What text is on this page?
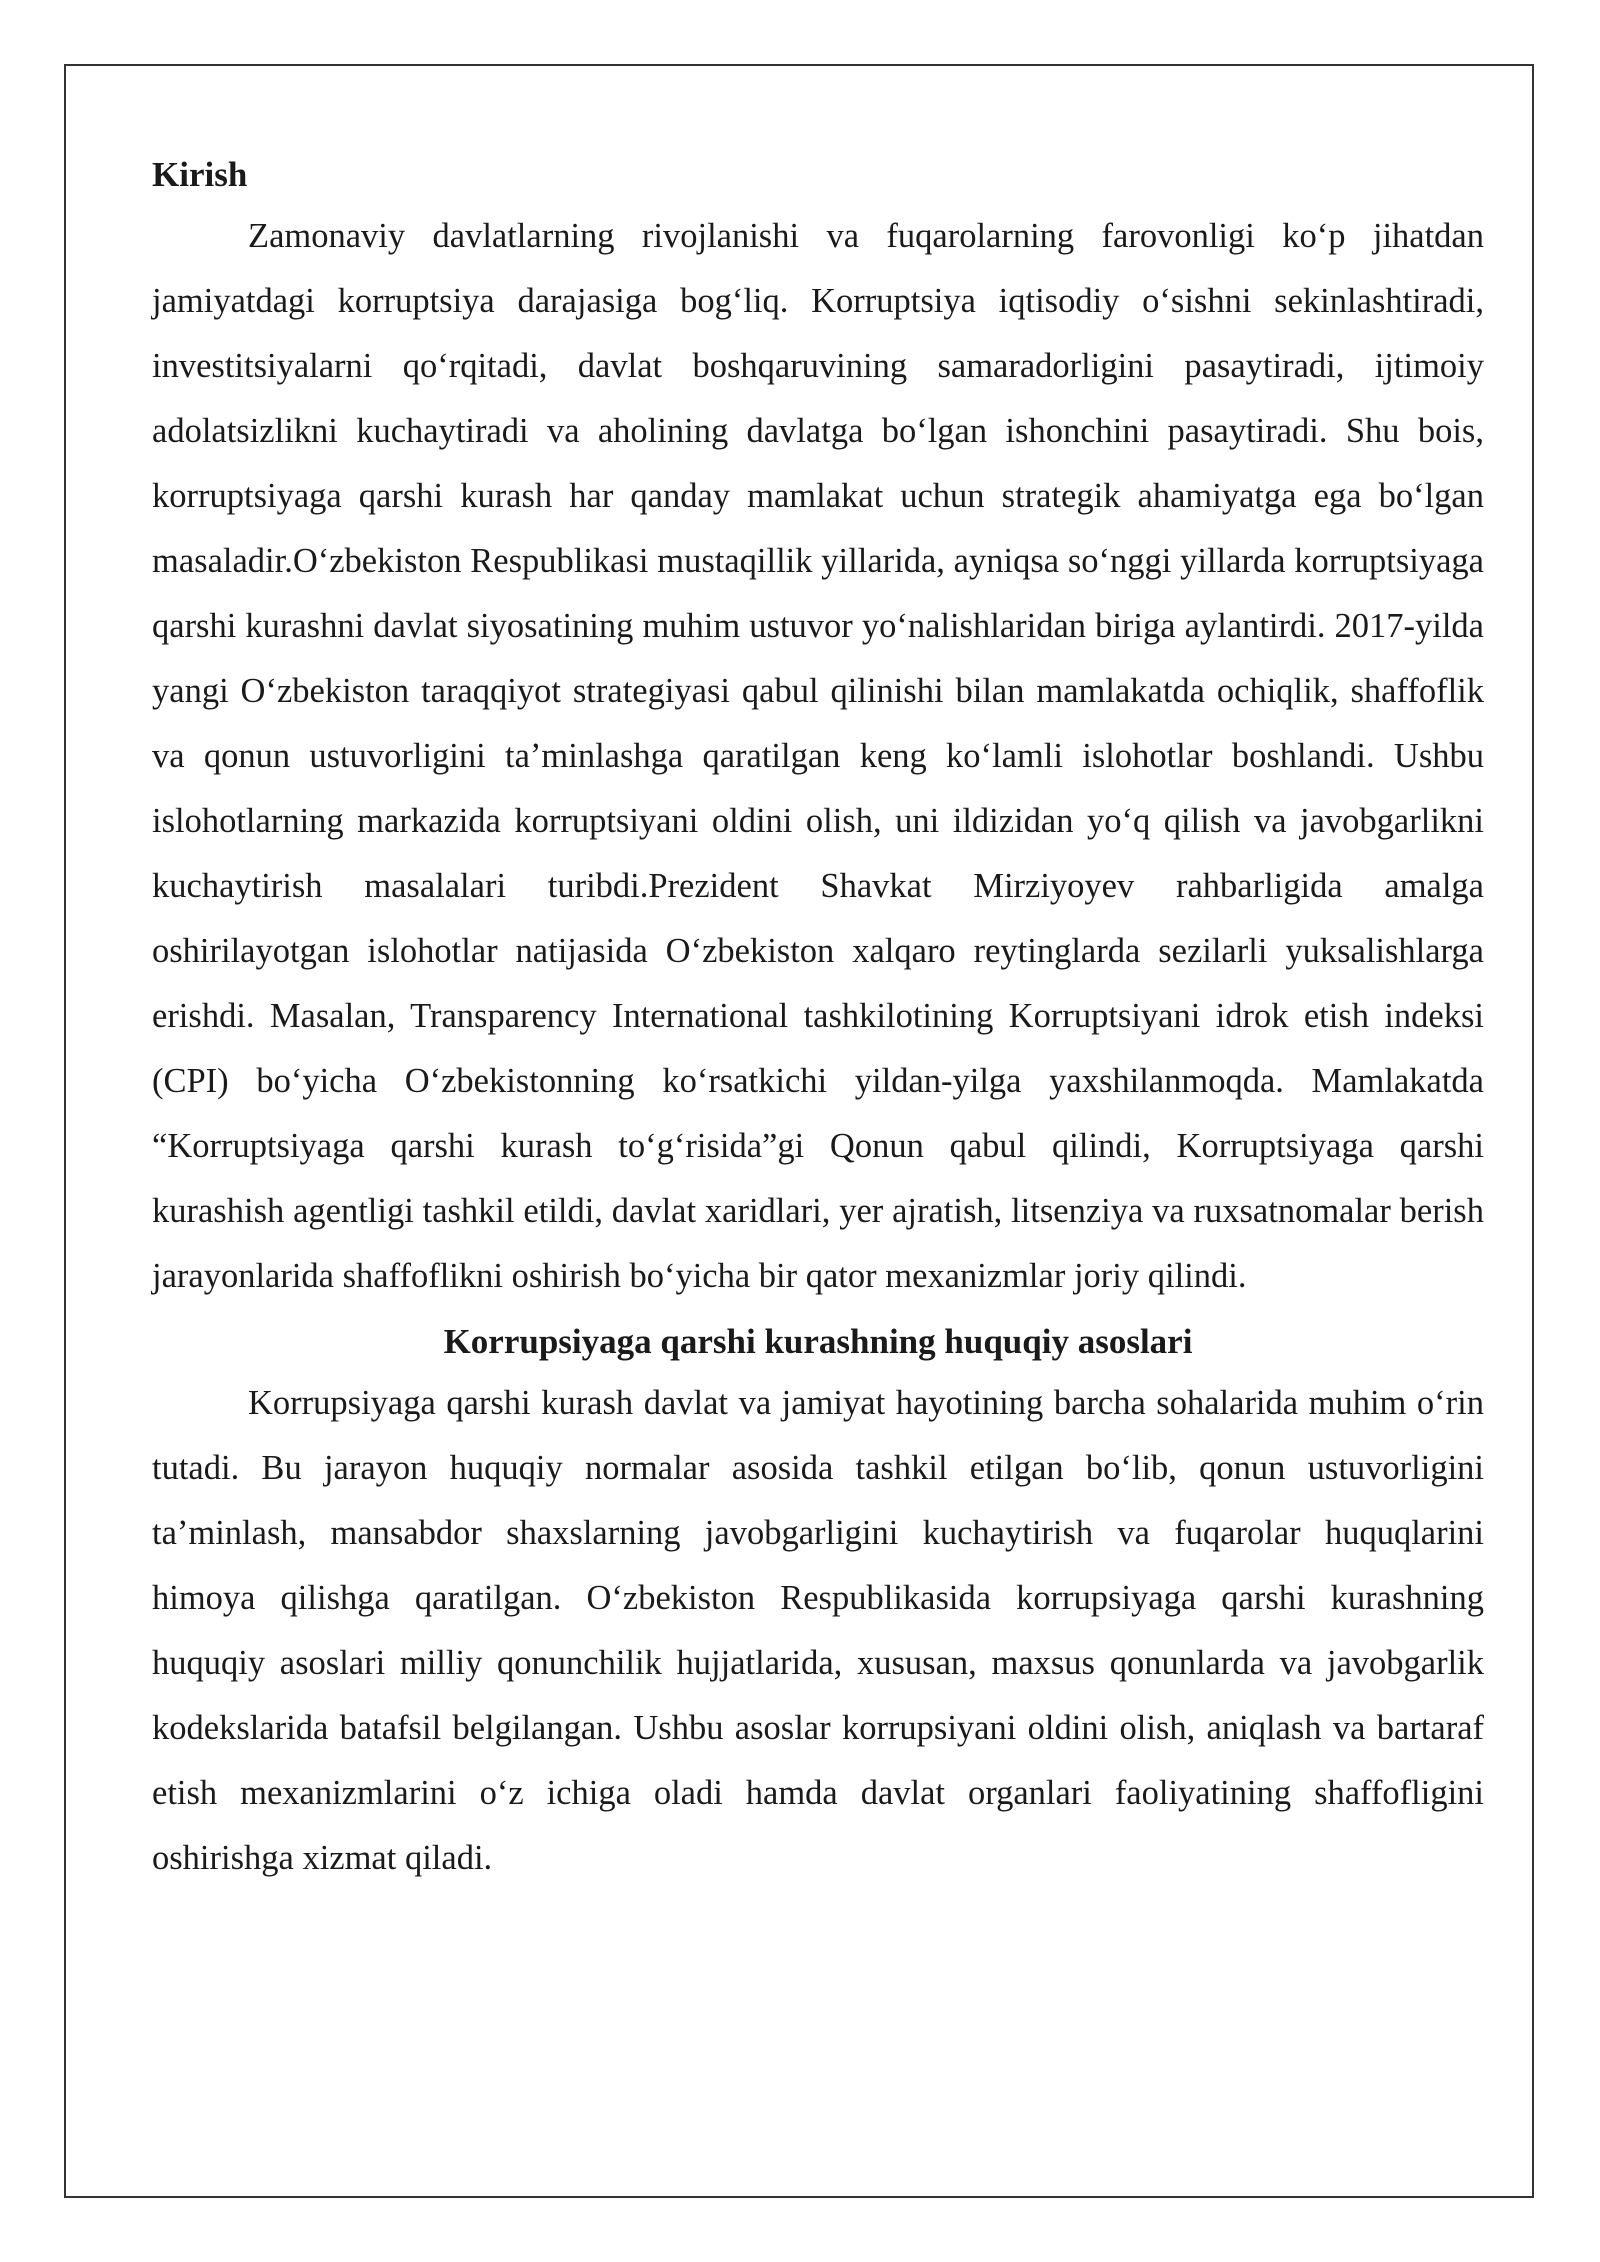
Kirish

Zamonaviy davlatlarning rivojlanishi va fuqarolarning farovonligi koʻp jihatdan jamiyatdagi korruptsiya darajasiga bogʻliq. Korruptsiya iqtisodiy oʻsishni sekinlashtiradi, investitsiyalarni qoʻrqitadi, davlat boshqaruvining samaradorligini pasaytiradi, ijtimoiy adolatsizlikni kuchaytiradi va aholining davlatga boʻlgan ishonchini pasaytiradi. Shu bois, korruptsiyaga qarshi kurash har qanday mamlakat uchun strategik ahamiyatga ega boʻlgan masaladir.Oʻzbekiston Respublikasi mustaqillik yillarida, ayniqsa soʻnggi yillarda korruptsiyaga qarshi kurashni davlat siyosatining muhim ustuvor yoʻnalishlaridan biriga aylantirdi. 2017-yilda yangi Oʻzbekiston taraqqiyot strategiyasi qabul qilinishi bilan mamlakatda ochiqlik, shaffoflik va qonun ustuvorligini taʼminlashga qaratilgan keng koʻlamli islohotlar boshlandi. Ushbu islohotlarning markazida korruptsiyani oldini olish, uni ildizidan yoʻq qilish va javobgarlikni kuchaytirish masalalari turibdi.Prezident Shavkat Mirziyoyev rahbarligida amalga oshirilayotgan islohotlar natijasida Oʻzbekiston xalqaro reytinglarda sezilarli yuksalishlarga erishdi. Masalan, Transparency International tashkilotining Korruptsiyani idrok etish indeksi (CPI) boʻyicha Oʻzbekistonning koʻrsatkichi yildan-yilga yaxshilanmoqda. Mamlakatda “Korruptsiyaga qarshi kurash toʻgʻrisida”gi Qonun qabul qilindi, Korruptsiyaga qarshi kurashish agentligi tashkil etildi, davlat xaridlari, yer ajratish, litsenziya va ruxsatnomalar berish jarayonlarida shaffoflikni oshirish boʻyicha bir qator mexanizmlar joriy qilindi.

Korrupsiyaga qarshi kurashning huquqiy asoslari

Korrupsiyaga qarshi kurash davlat va jamiyat hayotining barcha sohalarida muhim oʻrin tutadi. Bu jarayon huquqiy normalar asosida tashkil etilgan boʻlib, qonun ustuvorligini taʼminlash, mansabdor shaxslarning javobgarligini kuchaytirish va fuqarolar huquqlarini himoya qilishga qaratilgan. Oʻzbekiston Respublikasida korrupsiyaga qarshi kurashning huquqiy asoslari milliy qonunchilik hujjatlarida, xususan, maxsus qonunlarda va javobgarlik kodekslarida batafsil belgilangan. Ushbu asoslar korrupsiyani oldini olish, aniqlash va bartaraf etish mexanizmlarini oʻz ichiga oladi hamda davlat organlari faoliyatining shaffofligini oshirishga xizmat qiladi.
